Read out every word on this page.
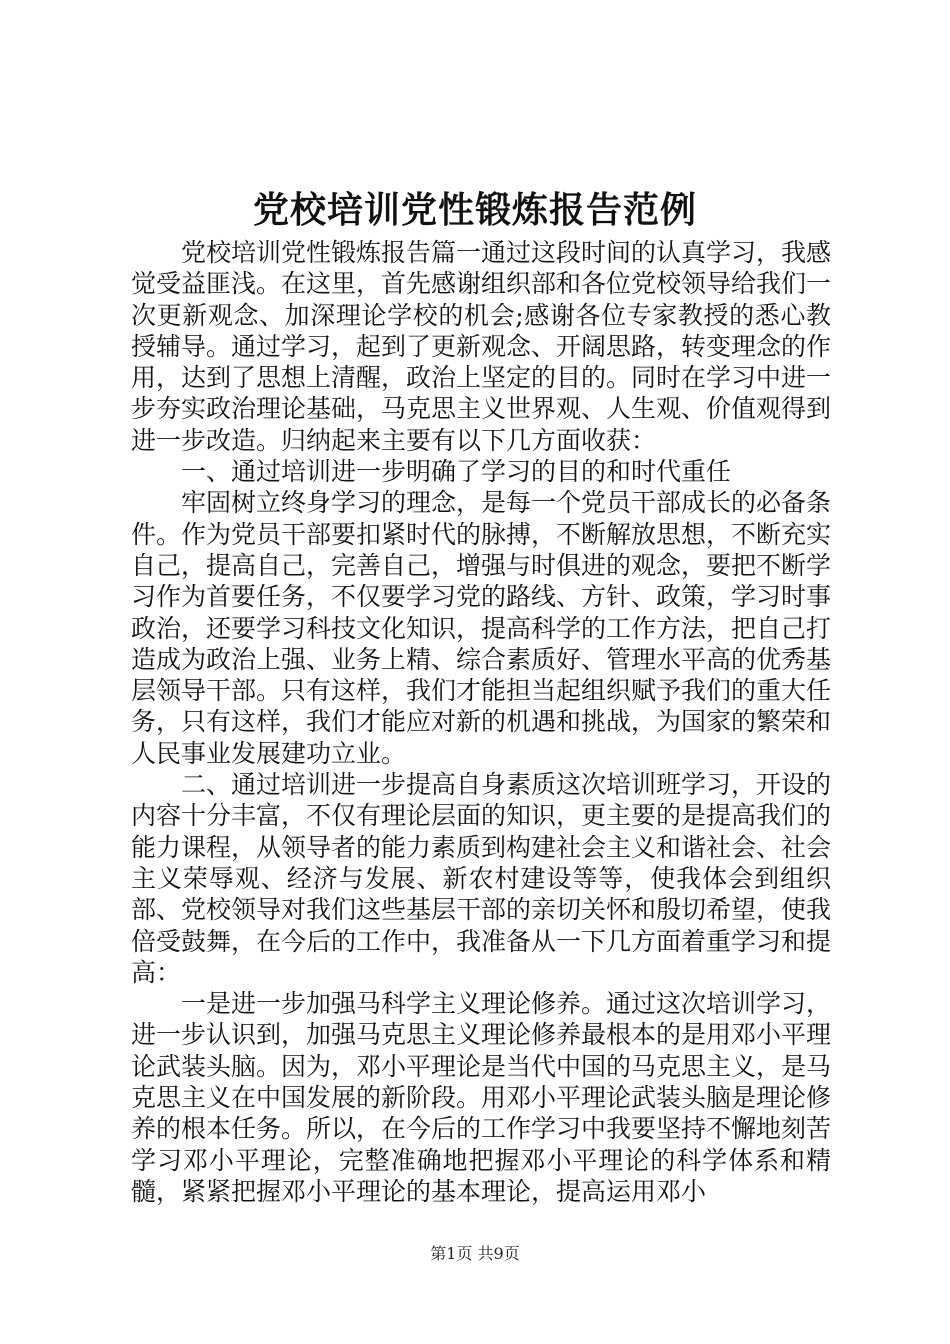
党校培训党性锻炼报告范例

党校培训党性锻炼报告篇一通过这段时间的认真学习，我感觉受益匪浅。在这里，首先感谢组织部和各位党校领导给我们一次更新观念、加深理论学校的机会;感谢各位专家教授的悉心教授辅导。通过学习，起到了更新观念、开阔思路，转变理念的作用，达到了思想上清醒，政治上坚定的目的。同时在学习中进一步夯实政治理论基础，马克思主义世界观、人生观、价值观得到进一步改造。归纳起来主要有以下几方面收获：

一、通过培训进一步明确了学习的目的和时代重任

牢固树立终身学习的理念，是每一个党员干部成长的必备条件。作为党员干部要扣紧时代的脉搏，不断解放思想，不断充实自己，提高自己，完善自己，增强与时俱进的观念，要把不断学习作为首要任务，不仅要学习党的路线、方针、政策，学习时事政治，还要学习科技文化知识，提高科学的工作方法，把自己打造成为政治上强、业务上精、综合素质好、管理水平高的优秀基层领导干部。只有这样，我们才能担当起组织赋予我们的重大任务，只有这样，我们才能应对新的机遇和挑战，为国家的繁荣和人民事业发展建功立业。

二、通过培训进一步提高自身素质这次培训班学习，开设的内容十分丰富，不仅有理论层面的知识，更主要的是提高我们的能力课程，从领导者的能力素质到构建社会主义和谐社会、社会主义荣辱观、经济与发展、新农村建设等等，使我体会到组织部、党校领导对我们这些基层干部的亲切关怀和殷切希望，使我倍受鼓舞，在今后的工作中，我准备从一下几方面着重学习和提高：

一是进一步加强马科学主义理论修养。通过这次培训学习，进一步认识到，加强马克思主义理论修养最根本的是用邓小平理论武装头脑。因为，邓小平理论是当代中国的马克思主义，是马克思主义在中国发展的新阶段。用邓小平理论武装头脑是理论修养的根本任务。所以，在今后的工作学习中我要坚持不懈地刻苦学习邓小平理论，完整准确地把握邓小平理论的科学体系和精髓，紧紧把握邓小平理论的基本理论，提高运用邓小

第1页 共9页
